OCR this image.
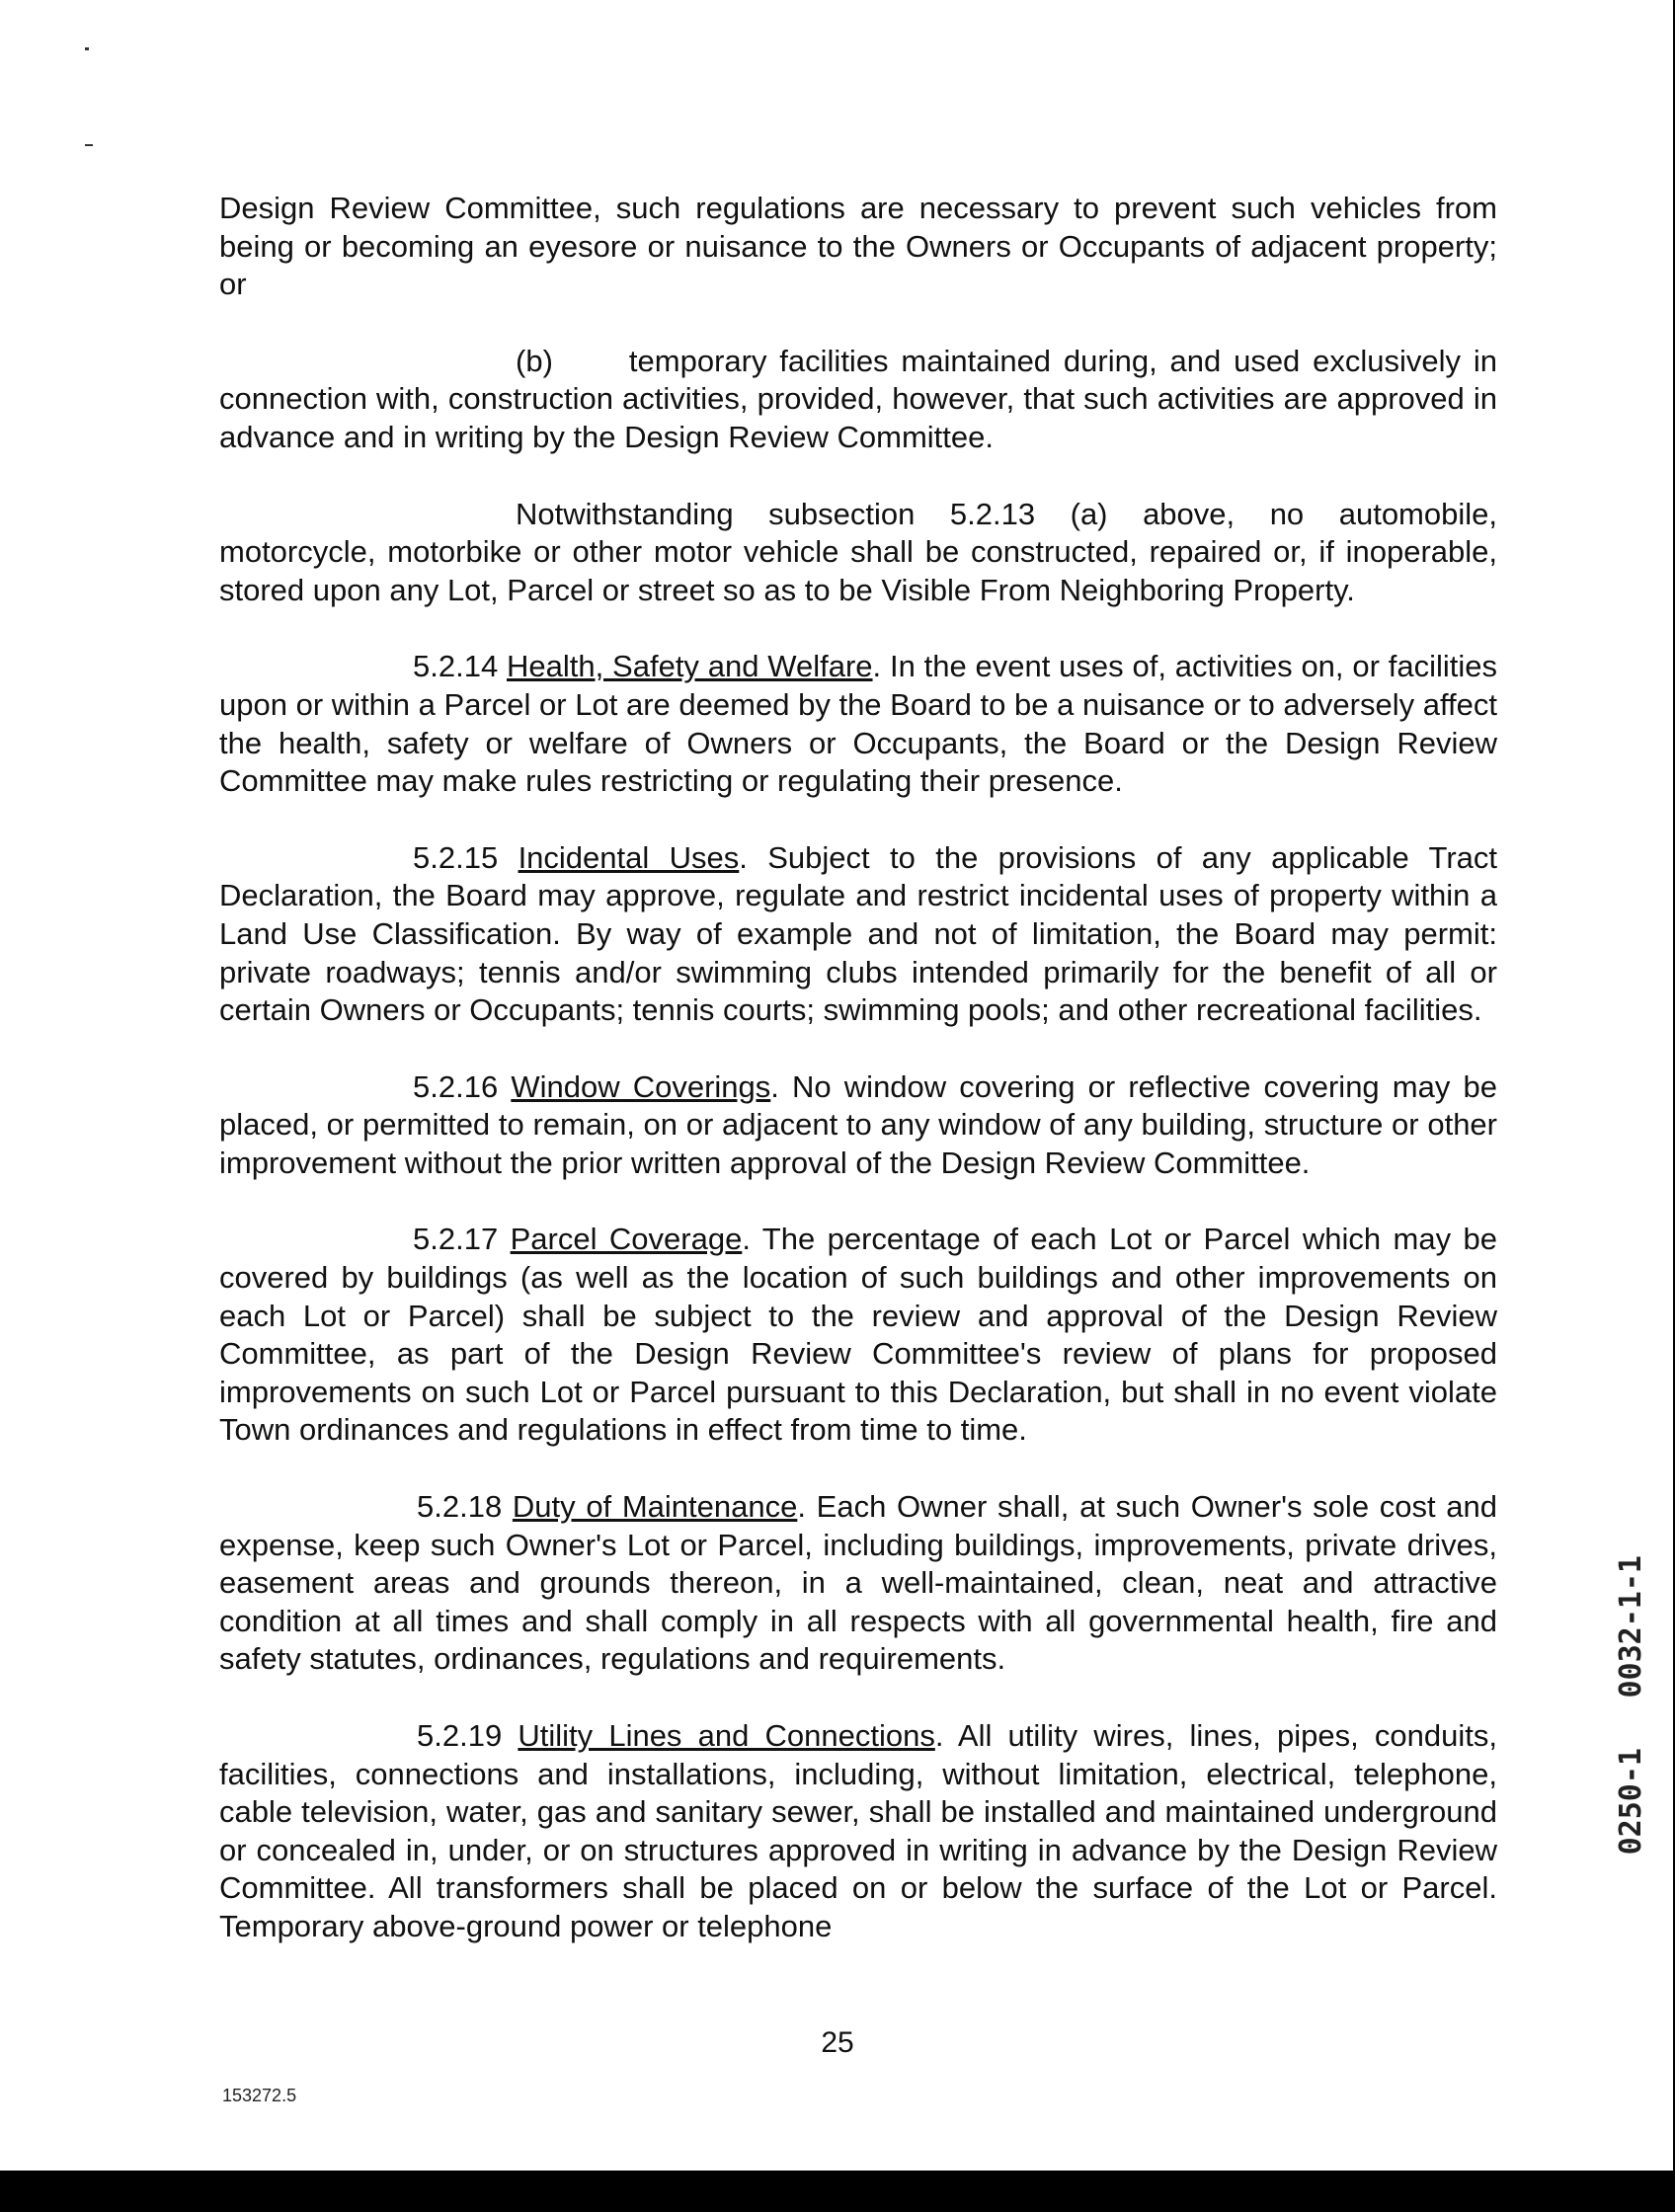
Design Review Committee, such regulations are necessary to prevent such vehicles from being or becoming an eyesore or nuisance to the Owners or Occupants of adjacent property; or

(b)      temporary facilities maintained during, and used exclusively in connection with, construction activities, provided, however, that such activities are approved in advance and in writing by the Design Review Committee.

Notwithstanding subsection 5.2.13 (a) above, no automobile, motorcycle, motorbike or other motor vehicle shall be constructed, repaired or, if inoperable, stored upon any Lot, Parcel or street so as to be Visible From Neighboring Property.

5.2.14 Health, Safety and Welfare. In the event uses of, activities on, or facilities upon or within a Parcel or Lot are deemed by the Board to be a nuisance or to adversely affect the health, safety or welfare of Owners or Occupants, the Board or the Design Review Committee may make rules restricting or regulating their presence.

5.2.15 Incidental Uses. Subject to the provisions of any applicable Tract Declaration, the Board may approve, regulate and restrict incidental uses of property within a Land Use Classification. By way of example and not of limitation, the Board may permit: private roadways; tennis and/or swimming clubs intended primarily for the benefit of all or certain Owners or Occupants; tennis courts; swimming pools; and other recreational facilities.

5.2.16 Window Coverings. No window covering or reflective covering may be placed, or permitted to remain, on or adjacent to any window of any building, structure or other improvement without the prior written approval of the Design Review Committee.

5.2.17 Parcel Coverage. The percentage of each Lot or Parcel which may be covered by buildings (as well as the location of such buildings and other improvements on each Lot or Parcel) shall be subject to the review and approval of the Design Review Committee, as part of the Design Review Committee's review of plans for proposed improvements on such Lot or Parcel pursuant to this Declaration, but shall in no event violate Town ordinances and regulations in effect from time to time.

5.2.18 Duty of Maintenance. Each Owner shall, at such Owner's sole cost and expense, keep such Owner's Lot or Parcel, including buildings, improvements, private drives, easement areas and grounds thereon, in a well-maintained, clean, neat and attractive condition at all times and shall comply in all respects with all governmental health, fire and safety statutes, ordinances, regulations and requirements.

5.2.19 Utility Lines and Connections. All utility wires, lines, pipes, conduits, facilities, connections and installations, including, without limitation, electrical, telephone, cable television, water, gas and sanitary sewer, shall be installed and maintained underground or concealed in, under, or on structures approved in writing in advance by the Design Review Committee. All transformers shall be placed on or below the surface of the Lot or Parcel. Temporary above-ground power or telephone

25
153272.5
0032-1-1
0250-1
